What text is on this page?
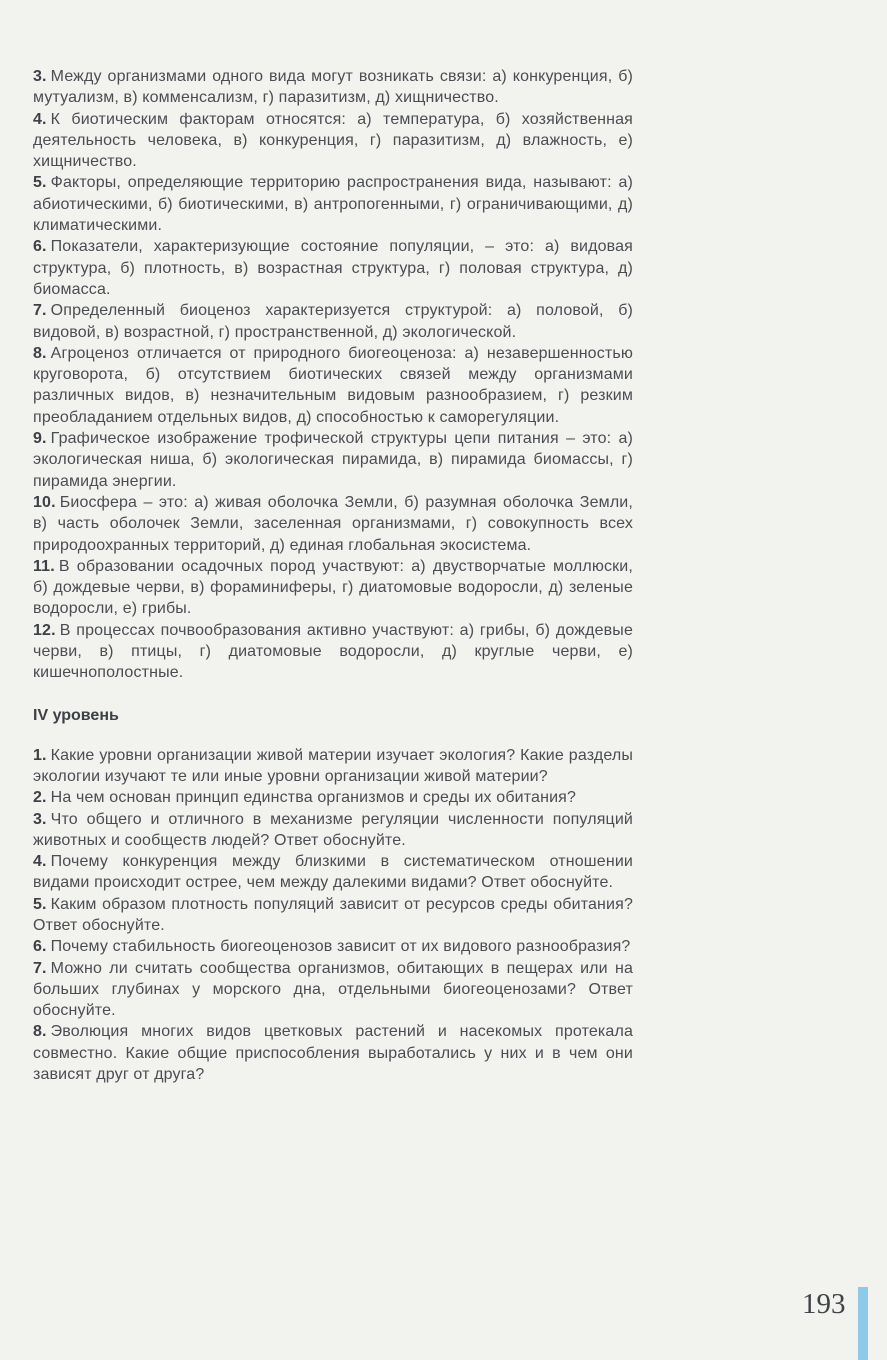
3. Между организмами одного вида могут возникать связи: а) конкуренция, б) мутуализм, в) комменсализм, г) паразитизм, д) хищничество.

4. К биотическим факторам относятся: а) температура, б) хозяйственная деятельность человека, в) конкуренция, г) паразитизм, д) влажность, е) хищничество.

5. Факторы, определяющие территорию распространения вида, называют: а) абиотическими, б) биотическими, в) антропогенными, г) ограничивающими, д) климатическими.

6. Показатели, характеризующие состояние популяции, – это: а) видовая структура, б) плотность, в) возрастная структура, г) половая структура, д) биомасса.

7. Определенный биоценоз характеризуется структурой: а) половой, б) видовой, в) возрастной, г) пространственной, д) экологической.

8. Агроценоз отличается от природного биогеоценоза: а) незавершенностью круговорота, б) отсутствием биотических связей между организмами различных видов, в) незначительным видовым разнообразием, г) резким преобладанием отдельных видов, д) способностью к саморегуляции.

9. Графическое изображение трофической структуры цепи питания – это: а) экологическая ниша, б) экологическая пирамида, в) пирамида биомассы, г) пирамида энергии.

10. Биосфера – это: а) живая оболочка Земли, б) разумная оболочка Земли, в) часть оболочек Земли, заселенная организмами, г) совокупность всех природоохранных территорий, д) единая глобальная экосистема.

11. В образовании осадочных пород участвуют: а) двустворчатые моллюски, б) дождевые черви, в) фораминиферы, г) диатомовые водоросли, д) зеленые водоросли, е) грибы.

12. В процессах почвообразования активно участвуют: а) грибы, б) дождевые черви, в) птицы, г) диатомовые водоросли, д) круглые черви, е) кишечнополостные.

IV уровень

1. Какие уровни организации живой материи изучает экология? Какие разделы экологии изучают те или иные уровни организации живой материи?

2. На чем основан принцип единства организмов и среды их обитания?

3. Что общего и отличного в механизме регуляции численности популяций животных и сообществ людей? Ответ обоснуйте.

4. Почему конкуренция между близкими в систематическом отношении видами происходит острее, чем между далекими видами? Ответ обоснуйте.

5. Каким образом плотность популяций зависит от ресурсов среды обитания? Ответ обоснуйте.

6. Почему стабильность биогеоценозов зависит от их видового разнообразия?

7. Можно ли считать сообщества организмов, обитающих в пещерах или на больших глубинах у морского дна, отдельными биогеоценозами? Ответ обоснуйте.

8. Эволюция многих видов цветковых растений и насекомых протекала совместно. Какие общие приспособления выработались у них и в чем они зависят друг от друга?

193
